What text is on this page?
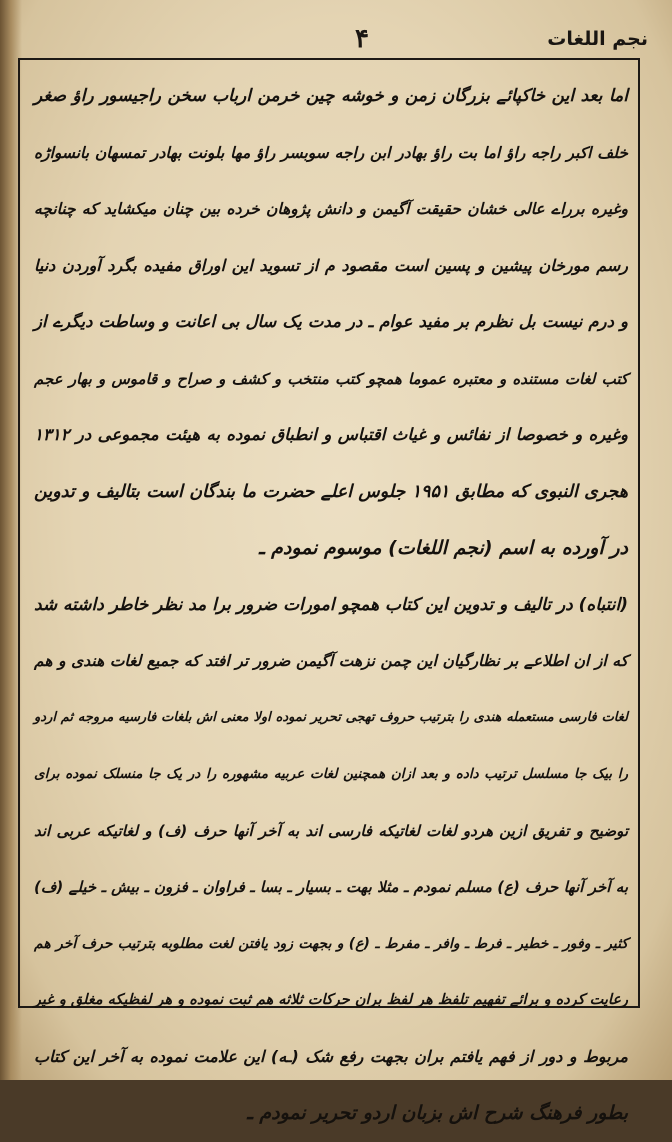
۴	نجم اللغات
اما بعد این خاکپائے بزرگان زمن و خوشه چین خرمن ارباب سخن راجیسور راؤ صغر
خلف اکبر راجه راؤ اما بت راؤ بهادر ابن راجه سوبسر راؤ مها بلونت بهادر تمسهان بانسواڑه
وغیره برراے عالی خشان حقیقت آگیمن و دانش پژوهان خرده بین چنان میکشاید که چنانچه
رسم مورخان پیشین و پسین است مقصود م از تسوید این اوراق مفیده بگرد آوردن دنیا
و درم نیست بل نظرم بر مفید عوام ـ در مدت یک سال بی اعانت و وساطت دیگرے از
کتب لغات مستنده و معتبره عموما همچو کتب منتخب و کشف و صراح و قاموس و بهار عجم
وغیره و خصوصا از نفائس و غیاث اقتباس و انطباق نموده به هیئت مجموعی در ۱۳۱۲
هجری النبوی که مطابق ۱۹۵۱ جلوس اعلے حضرت ما بندگان است بتالیف و تدوین
در آورده به اسم (نجم اللغات) موسوم نمودم ـ
(انتباه) در تالیف و تدوین این کتاب همچو امورات ضرور برا مد نظر خاطر داشته شد
که از ان اطلاعے بر نظارگیان این چمن نزهت آگیمن ضرور تر افتد که جمیع لغات هندی و هم
لغات فارسی مستعمله هندی را بترتیب حروف تهجی تحریر نموده اولا معنی اش بلغات فارسیه مروجه ثم اردو
را بیک جا مسلسل ترتیب داده و بعد ازان همچنین لغات عربیه مشهوره را در یک جا منسلک نموده برای
توضیح و تفریق ازین هردو لغات لغاتیکه فارسی اند به آخر آنها حرف (ف) و لغاتیکه عربی اند
به آخر آنها حرف (ع) مسلم نمودم ـ مثلا بهت ـ بسیار ـ بسا ـ فراوان ـ فزون ـ بیش ـ خیلے (ف)
کثیر ـ وفور ـ خطیر ـ فرط ـ وافر ـ مفرط ـ (ع) و بجهت زود یافتن لغت مطلوبه بترتیب حرف آخر هم
رعایت کرده و برائے تفهیم تلفظ هر لفظ بران حرکات ثلاثه هم ثبت نموده و هر لفظیکه مغلق و غیر
مربوط و دور از فهم یافتم بران بجهت رفع شک (ـه) این علامت نموده به آخر این کتاب
بطور فرهنگ شرح اش بزبان اردو تحریر نمودم ـ
